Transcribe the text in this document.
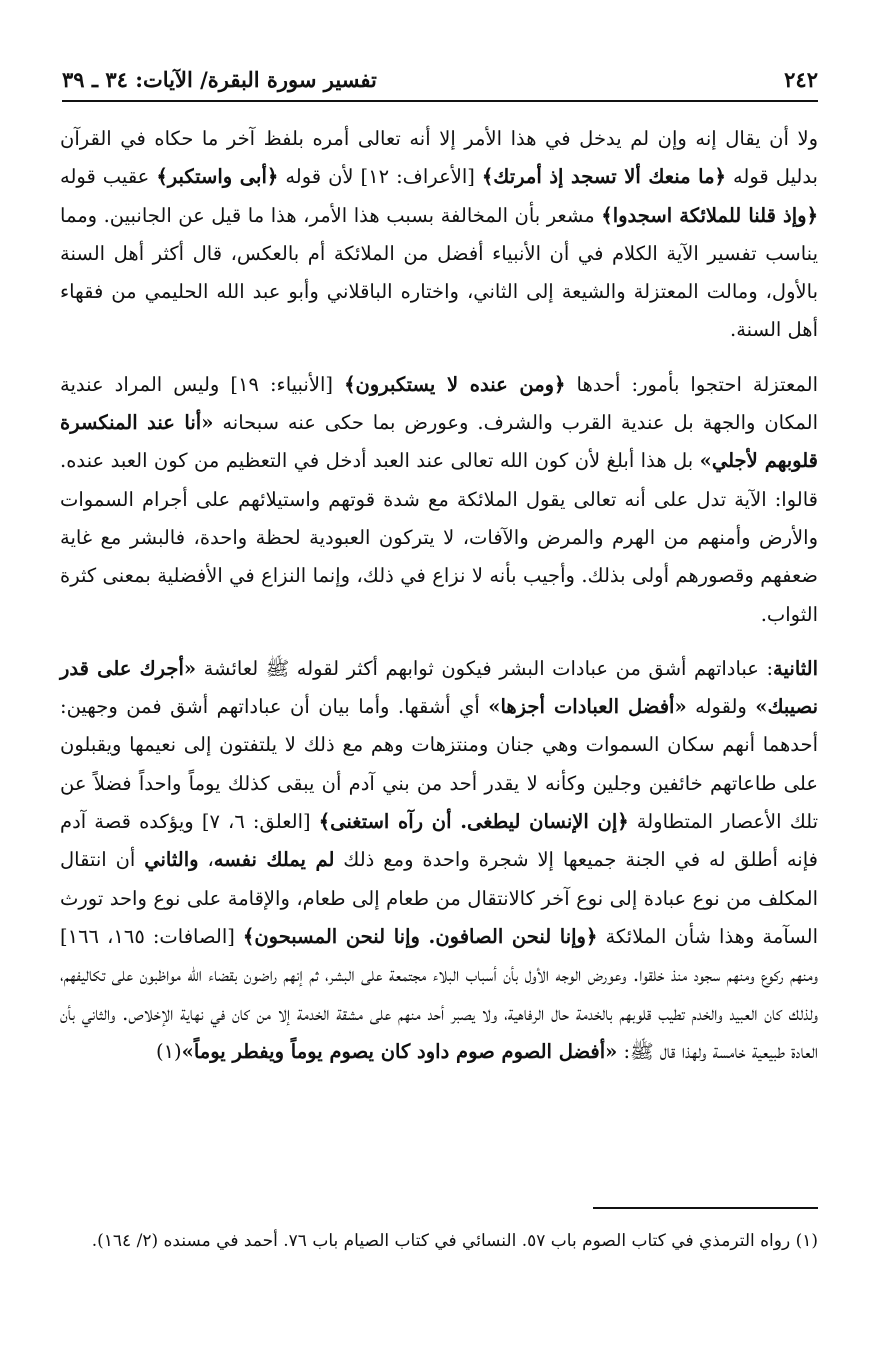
٢٤٢
تفسير سورة البقرة/ الآيات: ٣٤ ـ ٣٩

ولا أن يقال إنه وإن لم يدخل في هذا الأمر إلا أنه تعالى أمره بلفظ آخر ما حكاه في القرآن بدليل قوله ﴿ما منعك ألا تسجد إذ أمرتك﴾ [الأعراف: ١٢] لأن قوله ﴿أبى واستكبر﴾ عقيب قوله ﴿وإذ قلنا للملائكة اسجدوا﴾ مشعر بأن المخالفة بسبب هذا الأمر، هذا ما قيل عن الجانبين. ومما يناسب تفسير الآية الكلام في أن الأنبياء أفضل من الملائكة أم بالعكس، قال أكثر أهل السنة بالأول، ومالت المعتزلة والشيعة إلى الثاني، واختاره الباقلاني وأبو عبد الله الحليمي من فقهاء أهل السنة.

المعتزلة احتجوا بأمور: أحدها ﴿ومن عنده لا يستكبرون﴾ [الأنبياء: ١٩] وليس المراد عندية المكان والجهة بل عندية القرب والشرف. وعورض بما حكى عنه سبحانه «أنا عند المنكسرة قلوبهم لأجلي» بل هذا أبلغ لأن كون الله تعالى عند العبد أدخل في التعظيم من كون العبد عنده. قالوا: الآية تدل على أنه تعالى يقول الملائكة مع شدة قوتهم واستيلائهم على أجرام السموات والأرض وأمنهم من الهرم والمرض والآفات، لا يتركون العبودية لحظة واحدة، فالبشر مع غاية ضعفهم وقصورهم أولى بذلك. وأجيب بأنه لا نزاع في ذلك، وإنما النزاع في الأفضلية بمعنى كثرة الثواب.

الثانية: عباداتهم أشق من عبادات البشر فيكون ثوابهم أكثر لقوله ﷺ لعائشة «أجرك على قدر نصيبك» ولقوله «أفضل العبادات أجزها» أي أشقها. وأما بيان أن عباداتهم أشق فمن وجهين: أحدهما أنهم سكان السموات وهي جنان ومنتزهات وهم مع ذلك لا يلتفتون إلى نعيمها ويقبلون على طاعاتهم خائفين وجلين وكأنه لا يقدر أحد من بني آدم أن يبقى كذلك يوماً واحداً فضلاً عن تلك الأعصار المتطاولة ﴿إن الإنسان ليطغى. أن رآه استغنى﴾ [العلق: ٦، ٧] ويؤكده قصة آدم فإنه أطلق له في الجنة جميعها إلا شجرة واحدة ومع ذلك لم يملك نفسه، والثاني أن انتقال المكلف من نوع عبادة إلى نوع آخر كالانتقال من طعام إلى طعام، والإقامة على نوع واحد تورث السآمة وهذا شأن الملائكة ﴿وإنا لنحن الصافون. وإنا لنحن المسبحون﴾ [الصافات: ١٦٥، ١٦٦] ومنهم ركوع ومنهم سجود منذ خلقوا. وعورض الوجه الأول بأن أسباب البلاء مجتمعة على البشر، ثم إنهم راضون بقضاء الله مواظبون على تكاليفهم، ولذلك كان العبيد والخدم تطيب قلوبهم بالخدمة حال الرفاهية، ولا يصبر أحد منهم على مشقة الخدمة إلا من كان في نهاية الإخلاص. والثاني بأن العادة طبيعية خامسة ولهذا قال ﷺ: «أفضل الصوم صوم داود كان يصوم يوماً ويفطر يوماً»(١)

(١) رواه الترمذي في كتاب الصوم باب ٥٧. النسائي في كتاب الصيام باب ٧٦. أحمد في مسنده (٢/ ١٦٤).
